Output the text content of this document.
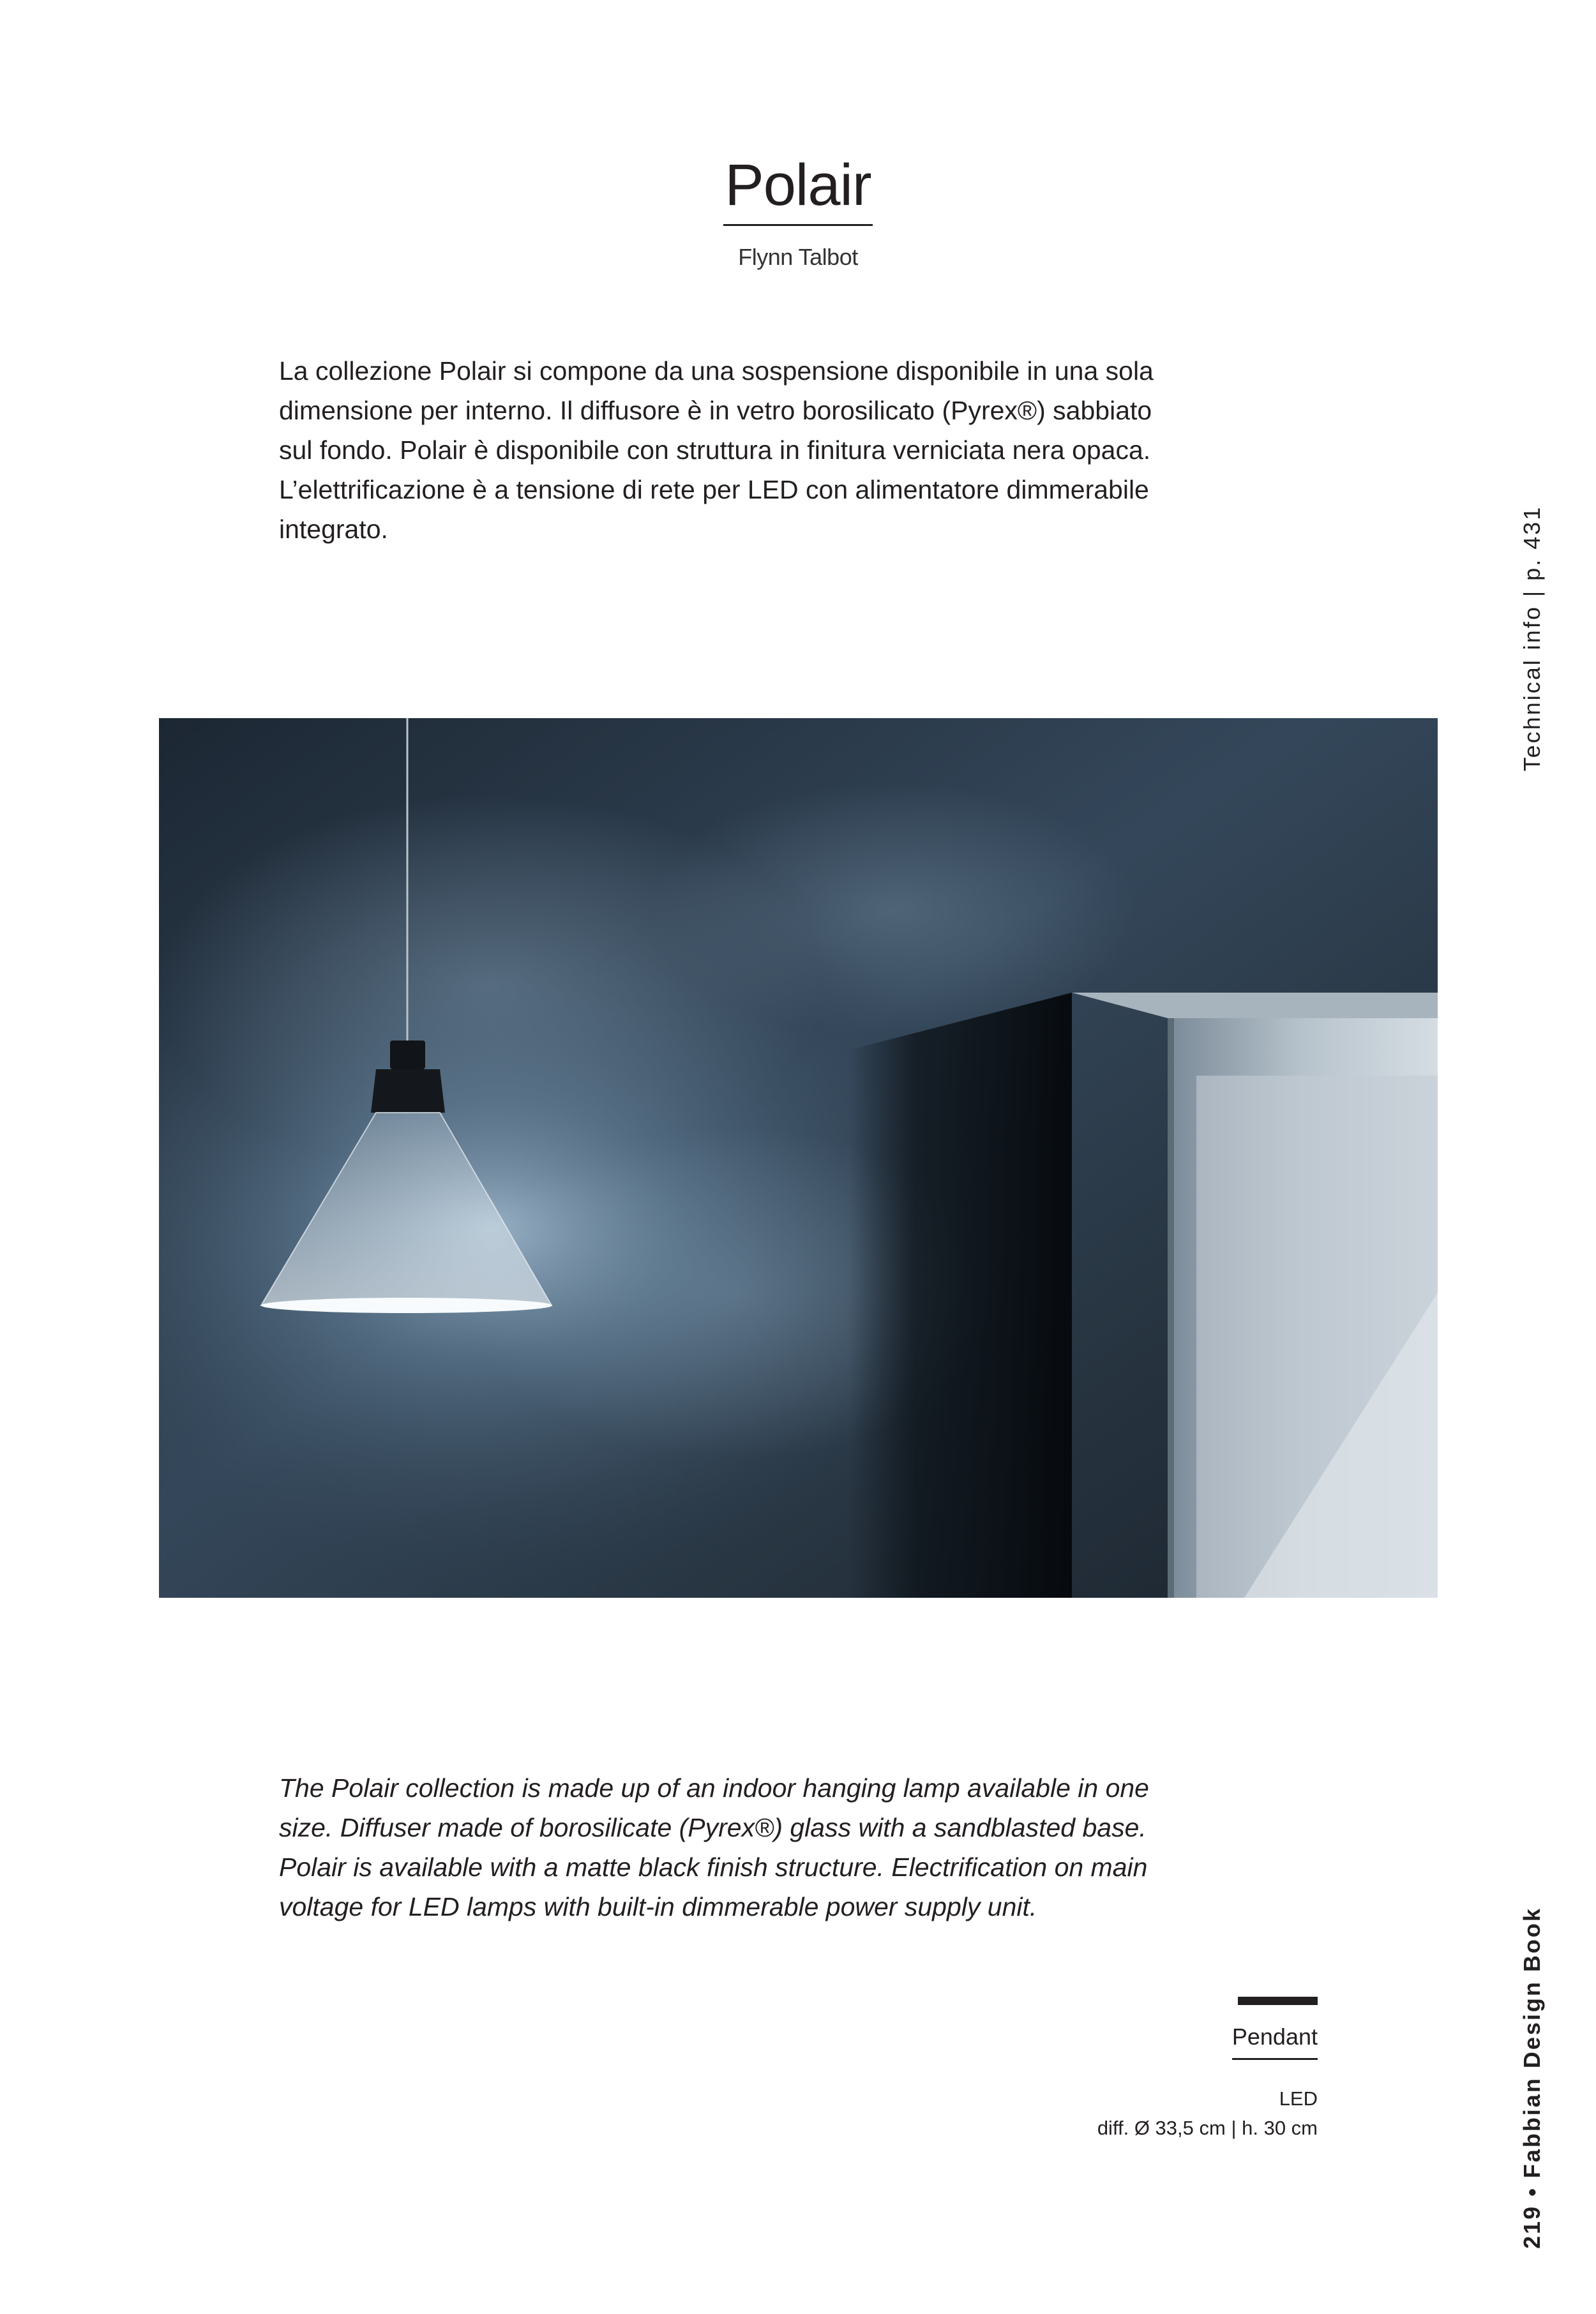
Polair
Flynn Talbot

La collezione Polair si compone da una sospensione disponibile in una sola dimensione per interno. Il diffusore è in vetro borosilicato (Pyrex®) sabbiato sul fondo. Polair è disponibile con struttura in finitura verniciata nera opaca. L’elettrificazione è a tensione di rete per LED con alimentatore dimmerabile integrato.	Technical info | p. 431

The Polair collection is made up of an indoor hanging lamp available in one size. Diffuser made of borosilicate (Pyrex®) glass with a sandblasted base. Polair is available with a matte black finish structure. Electrification on main voltage for LED lamps with built-in dimmerable power supply unit.

Pendant
LED
diff. Ø 33,5 cm | h. 30 cm	219 • Fabbian Design Book
